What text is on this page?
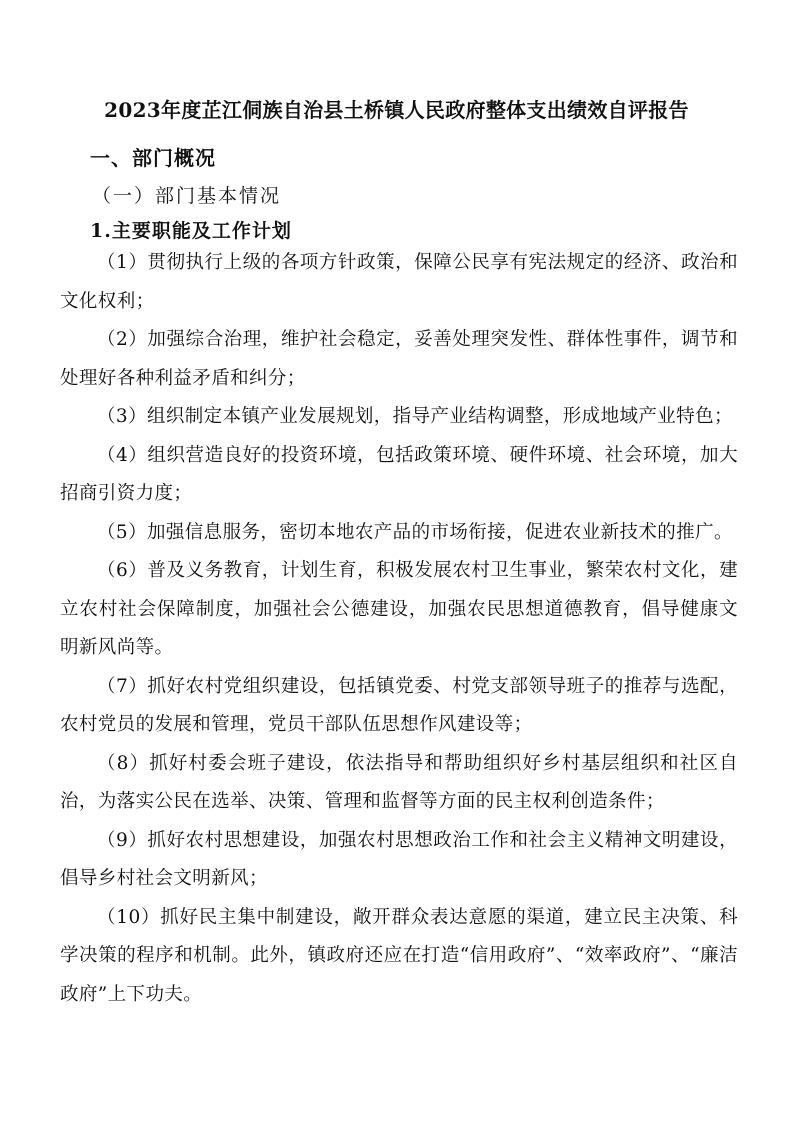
2023年度芷江侗族自治县土桥镇人民政府整体支出绩效自评报告
一、部门概况
（一）部门基本情况
1.主要职能及工作计划

（1）贯彻执行上级的各项方针政策，保障公民享有宪法规定的经济、政治和文化权利；

（2）加强综合治理，维护社会稳定，妥善处理突发性、群体性事件，调节和处理好各种利益矛盾和纠分；

（3）组织制定本镇产业发展规划，指导产业结构调整，形成地域产业特色；

（4）组织营造良好的投资环境，包括政策环境、硬件环境、社会环境，加大招商引资力度；

（5）加强信息服务，密切本地农产品的市场衔接，促进农业新技术的推广。

（6）普及义务教育，计划生育，积极发展农村卫生事业，繁荣农村文化，建立农村社会保障制度，加强社会公德建设，加强农民思想道德教育，倡导健康文明新风尚等。

（7）抓好农村党组织建设，包括镇党委、村党支部领导班子的推荐与选配，农村党员的发展和管理，党员干部队伍思想作风建设等；

（8）抓好村委会班子建设，依法指导和帮助组织好乡村基层组织和社区自治，为落实公民在选举、决策、管理和监督等方面的民主权利创造条件；

（9）抓好农村思想建设，加强农村思想政治工作和社会主义精神文明建设，倡导乡村社会文明新风；

（10）抓好民主集中制建设，敞开群众表达意愿的渠道，建立民主决策、科学决策的程序和机制。此外，镇政府还应在打造“信用政府”、“效率政府”、“廉洁政府”上下功夫。
